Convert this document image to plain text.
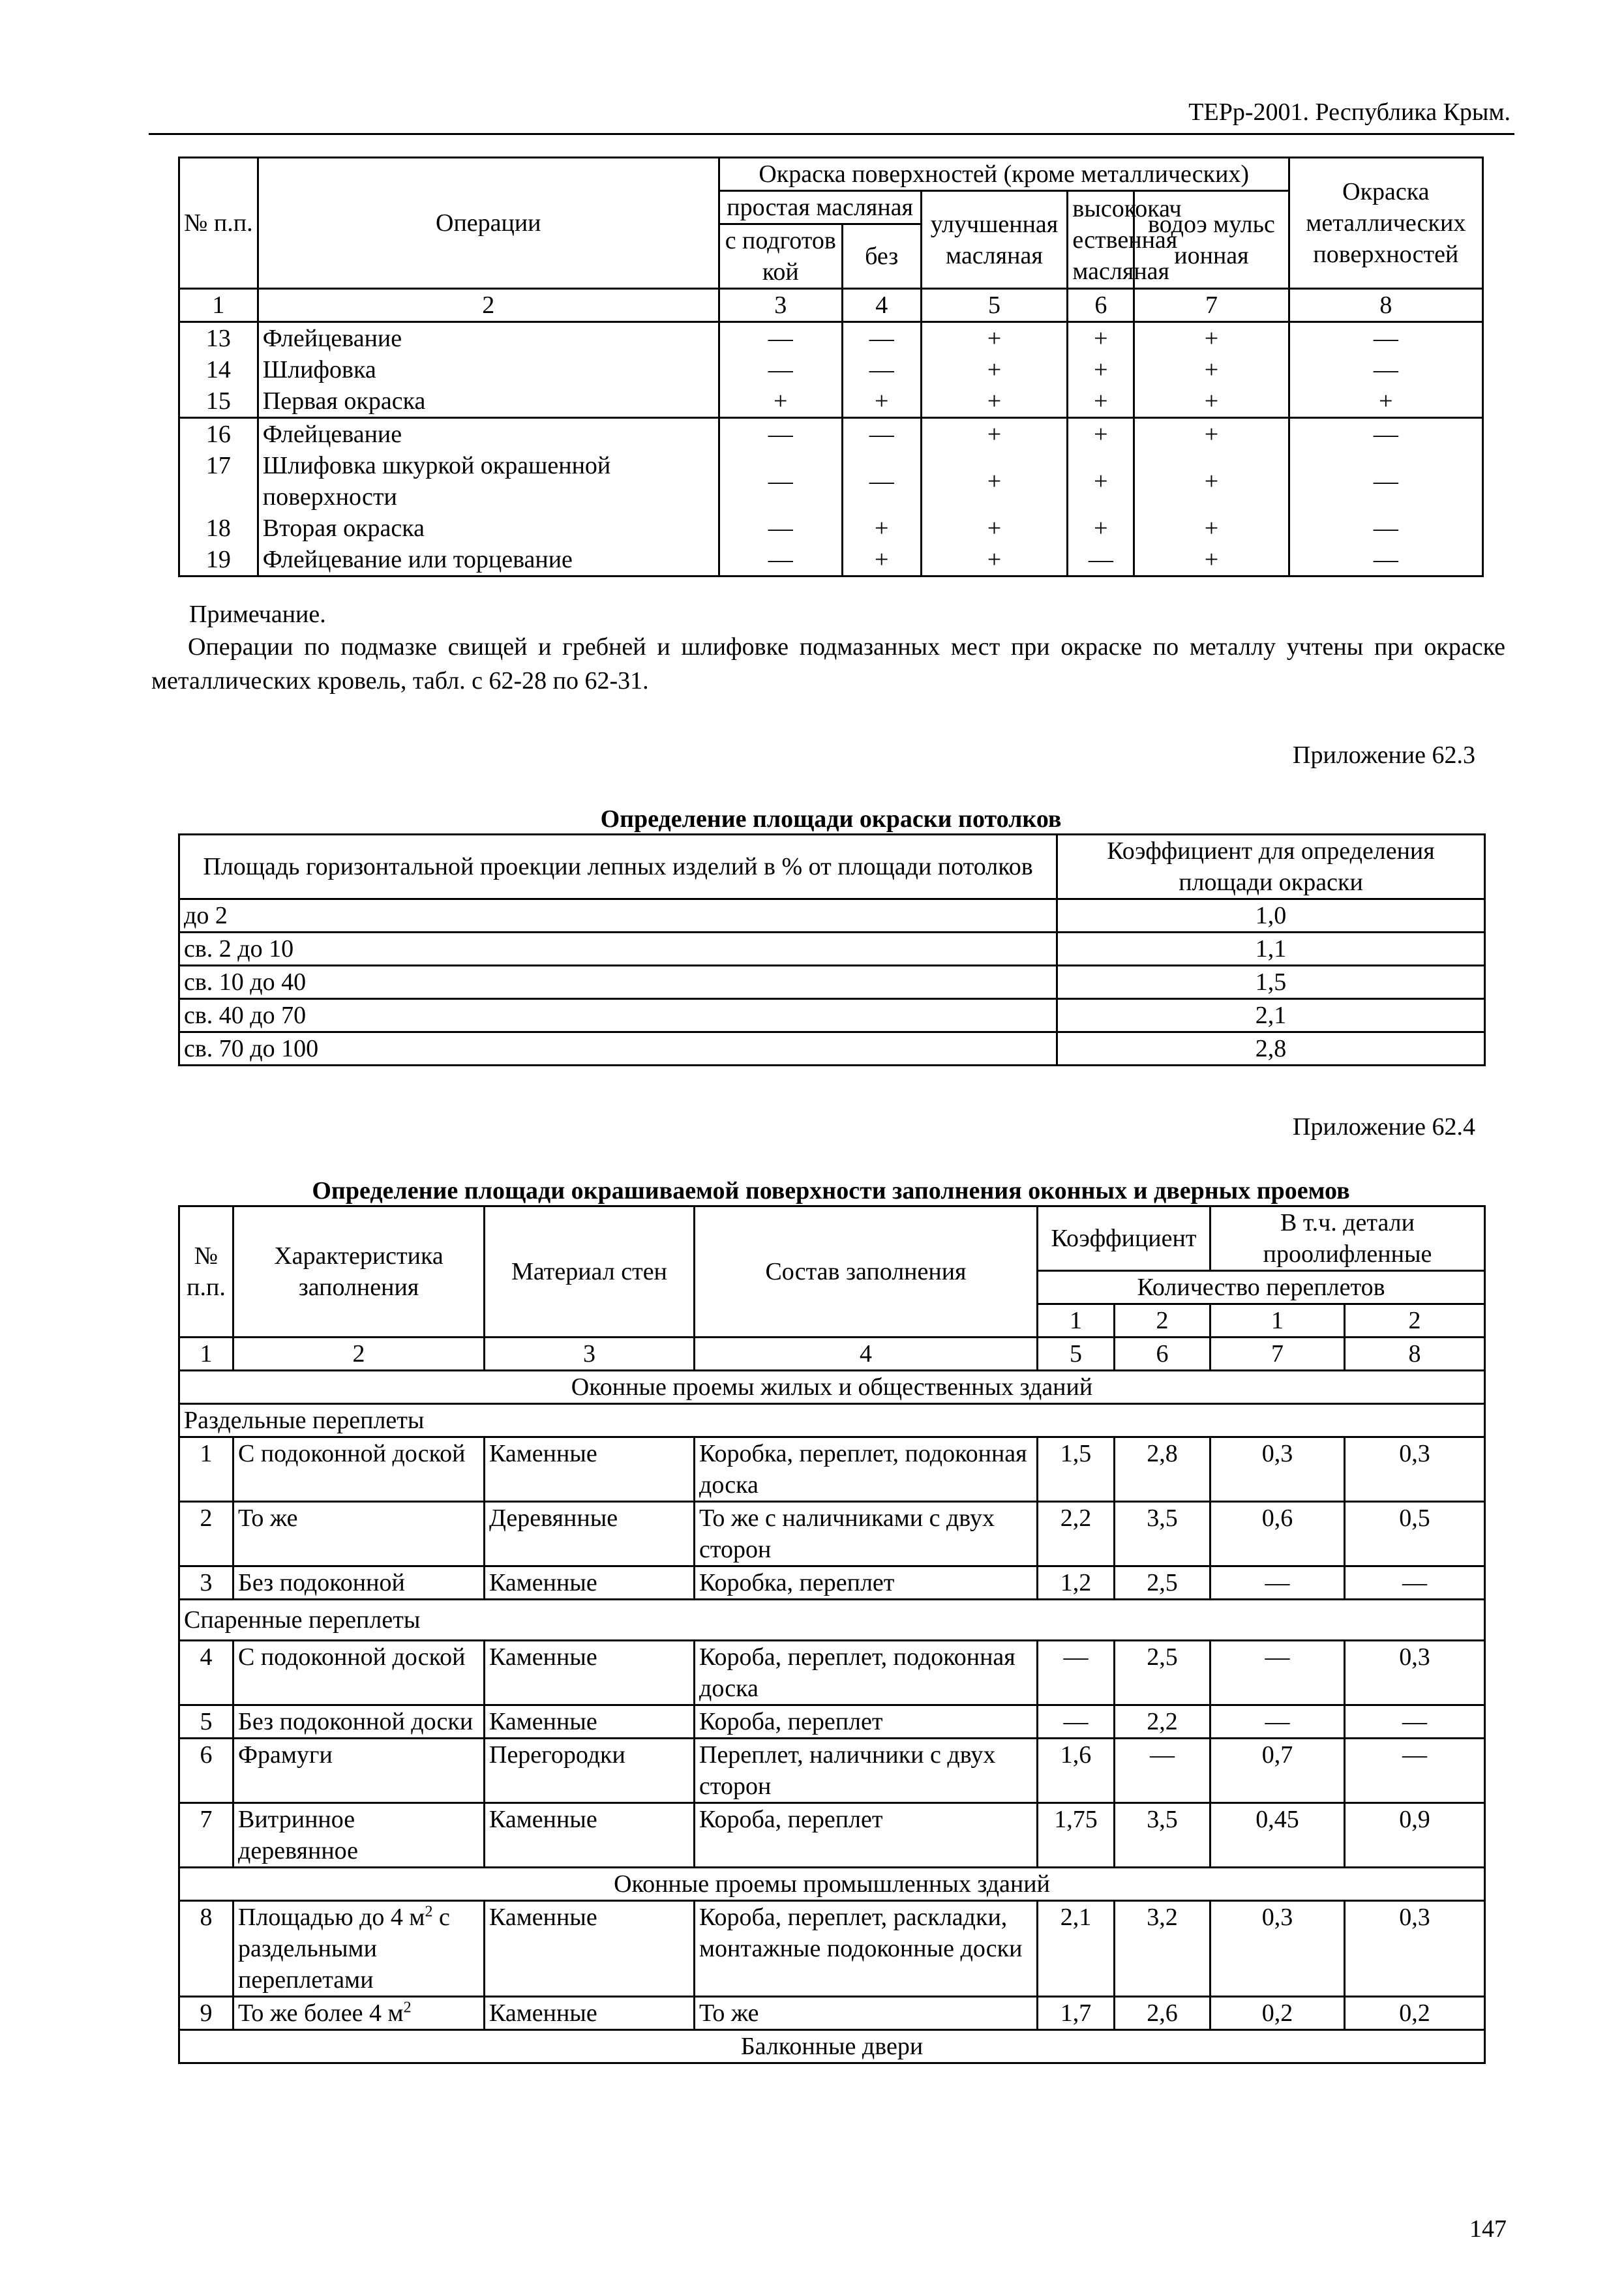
ТЕРр-2001. Республика Крым.
№ п.п.	Операции	Окраска поверхностей (кроме металлических)					Окраска металлических поверхностей
		простая масляная		улучшенная масляная	высококач ественная масляная	водоэ мульс ионная	
		с подготов кой	без				
1	2	3	4	5	6	7	8
13	Флейцевание	—	—	+	+	+	—
14	Шлифовка	—	—	+	+	+	—
15	Первая окраска	+	+	+	+	+	+
16	Флейцевание	—	—	+	+	+	—
17	Шлифовка шкуркой окрашенной поверхности	—	—	+	+	+	—
18	Вторая окраска	—	+	+	+	+	—
19	Флейцевание или торцевание	—	+	+	—	+	—
Примечание.
Операции по подмазке свищей и гребней и шлифовке подмазанных мест при окраске по металлу учтены при окраске металлических кровель, табл. с 62-28 по 62-31.
Приложение 62.3
Определение площади окраски потолков
Площадь горизонтальной проекции лепных изделий в % от площади потолков	Коэффициент для определения площади окраски
до 2	1,0
св. 2 до 10	1,1
св. 10 до 40	1,5
св. 40 до 70	2,1
св. 70 до 100	2,8
Приложение 62.4
Определение площади окрашиваемой поверхности заполнения оконных и дверных проемов
№ п.п.	Характеристика заполнения	Материал стен	Состав заполнения	Коэффициент		В т.ч. детали проолифленные	
				Количество переплетов			
				1	2	1	2
1	2	3	4	5	6	7	8
Оконные проемы жилых и общественных зданий							
Раздельные переплеты							
1	С подоконной доской	Каменные	Коробка, переплет, подоконная доска	1,5	2,8	0,3	0,3
2	То же	Деревянные	То же с наличниками с двух сторон	2,2	3,5	0,6	0,5
3	Без подоконной	Каменные	Коробка, переплет	1,2	2,5	—	—
Спаренные переплеты							
4	С подоконной доской	Каменные	Короба, переплет, подоконная доска	—	2,5	—	0,3
5	Без подоконной доски	Каменные	Короба, переплет	—	2,2	—	—
6	Фрамуги	Перегородки	Переплет, наличники с двух сторон	1,6	—	0,7	—
7	Витринное деревянное	Каменные	Короба, переплет	1,75	3,5	0,45	0,9
Оконные проемы промышленных зданий							
8	Площадью до 4 $м^2$ с раздельными переплетами	Каменные	Короба, переплет, раскладки, монтажные подоконные доски	2,1	3,2	0,3	0,3
9	То же более 4 $м^2$	Каменные	То же	1,7	2,6	0,2	0,2
Балконные двери							
147
